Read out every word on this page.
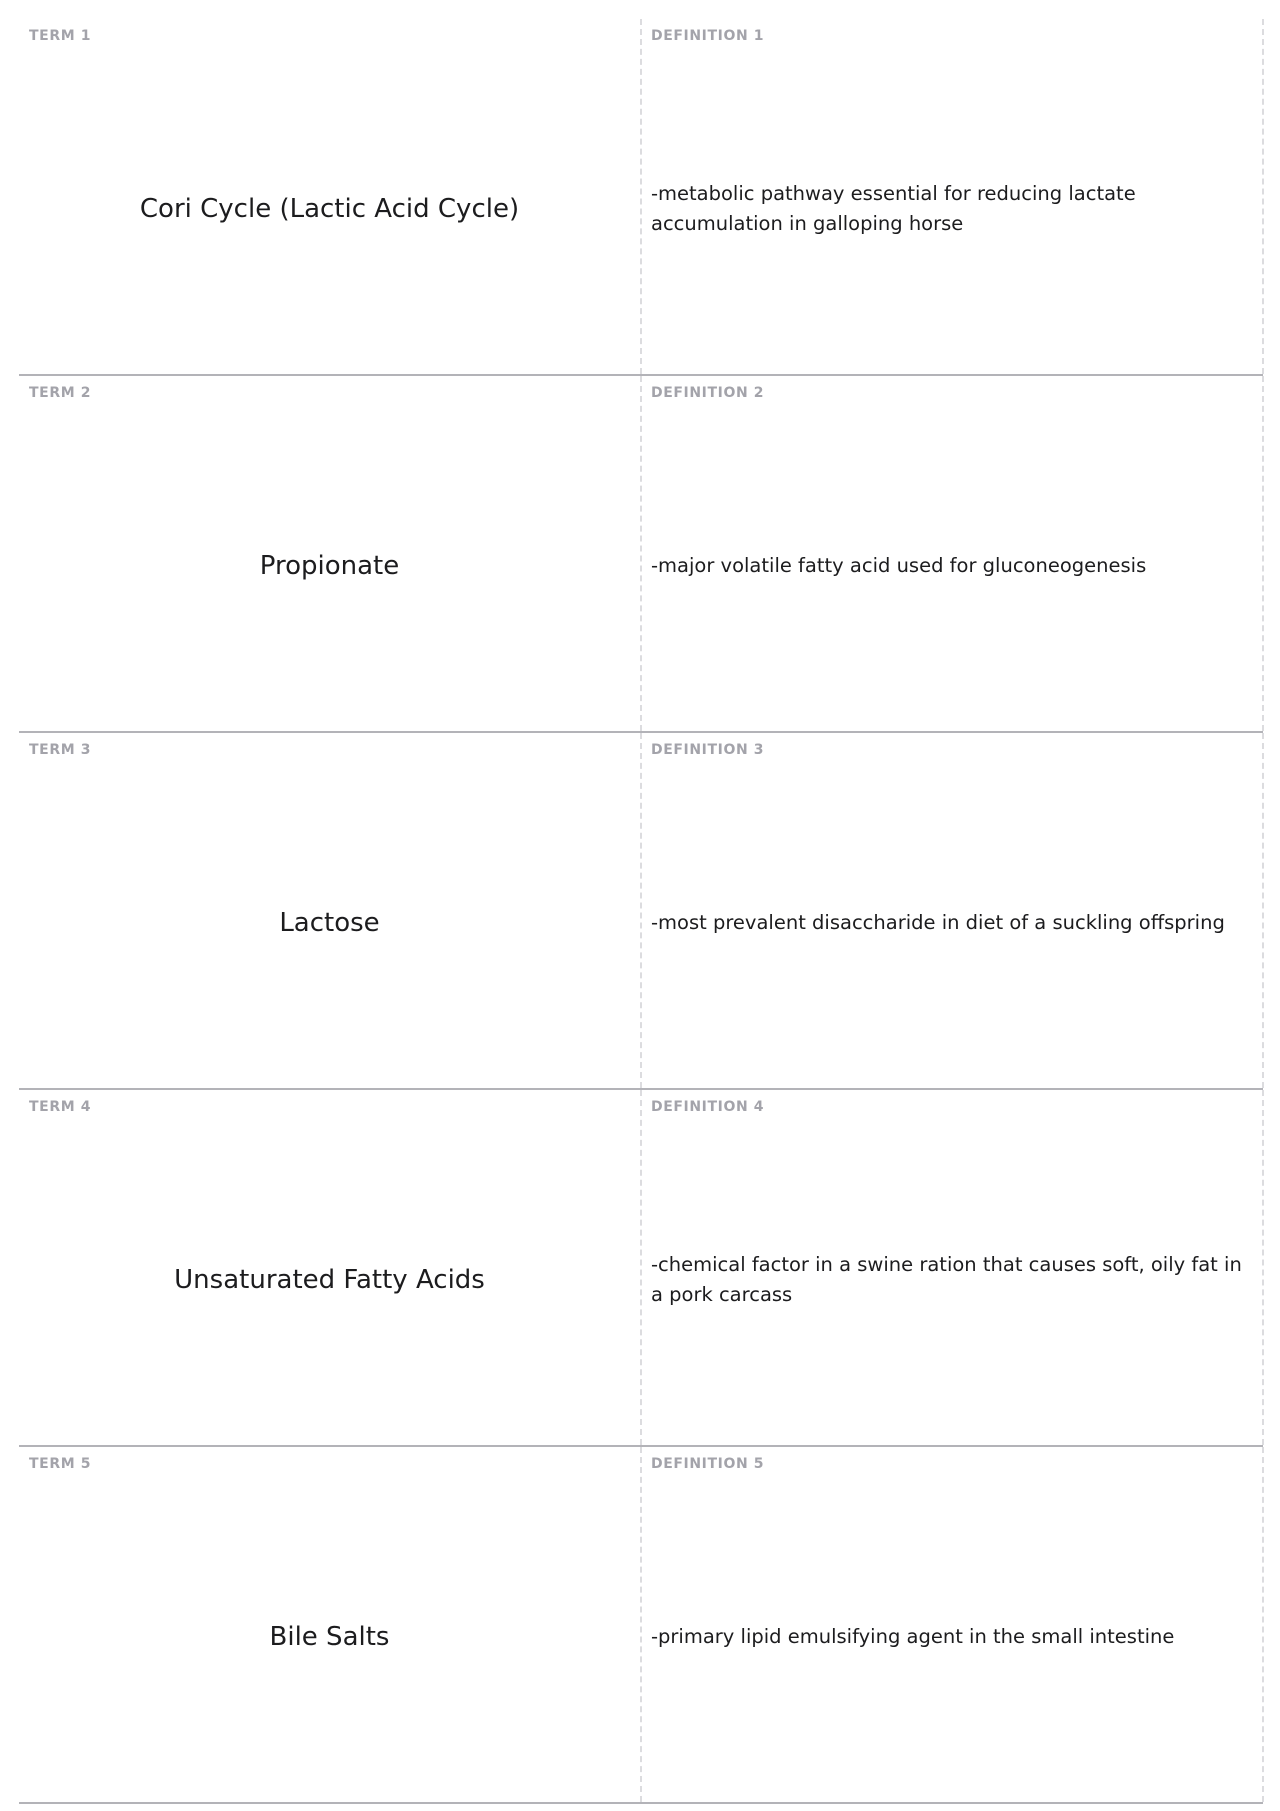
TERM 1
Cori Cycle (Lactic Acid Cycle)
DEFINITION 1
-metabolic pathway essential for reducing lactate accumulation in galloping horse
TERM 2
Propionate
DEFINITION 2
-major volatile fatty acid used for gluconeogenesis
TERM 3
Lactose
DEFINITION 3
-most prevalent disaccharide in diet of a suckling offspring
TERM 4
Unsaturated Fatty Acids
DEFINITION 4
-chemical factor in a swine ration that causes soft, oily fat in a pork carcass
TERM 5
Bile Salts
DEFINITION 5
-primary lipid emulsifying agent in the small intestine
